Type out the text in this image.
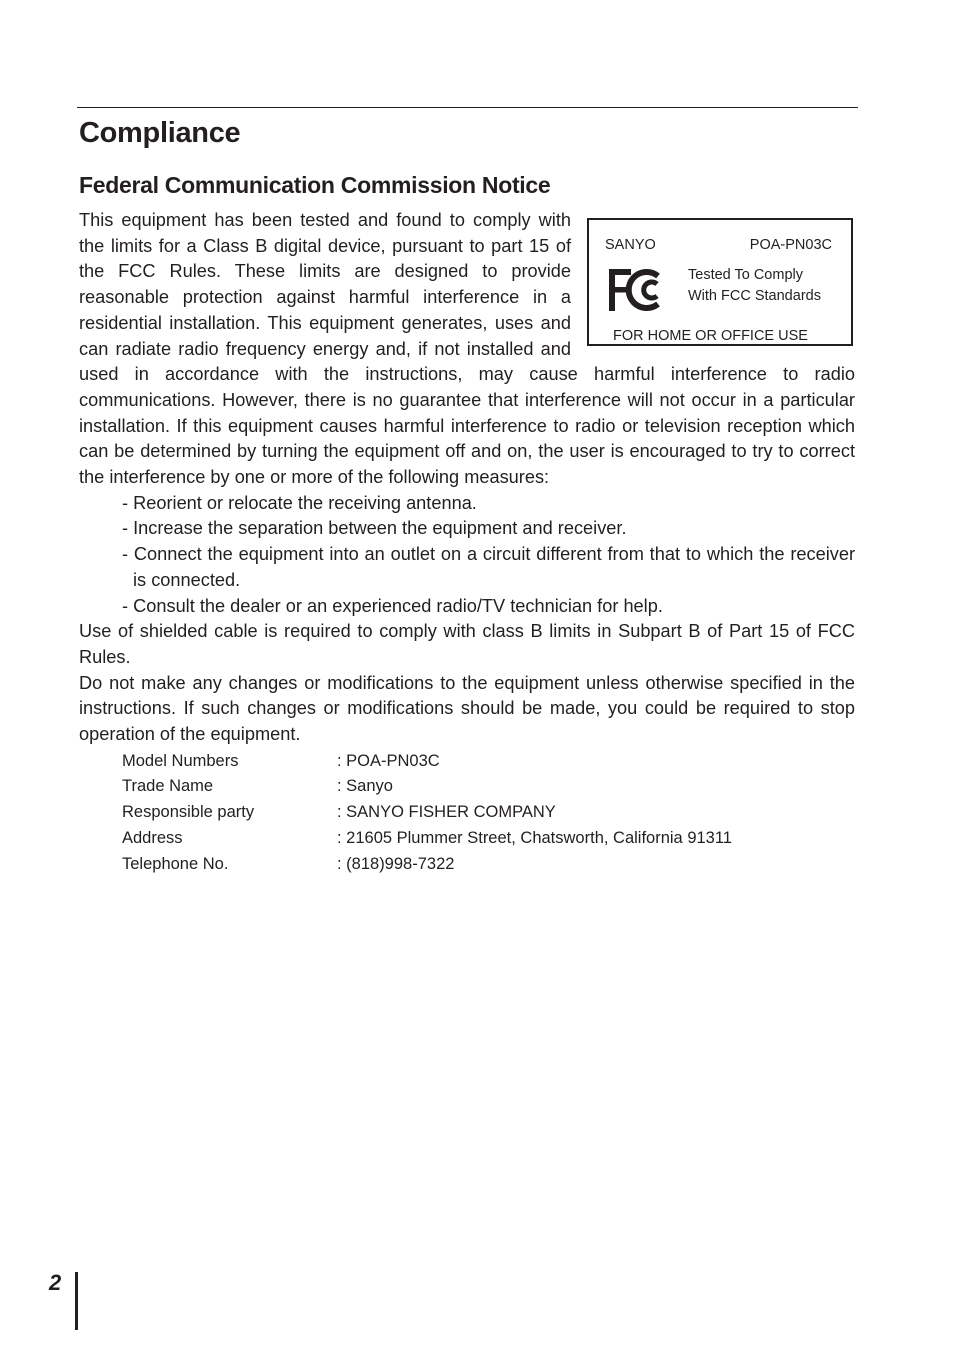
Compliance
Federal Communication Commission Notice
SANYO	POA-PN03C
Tested To Comply
With FCC Standards
FOR HOME OR OFFICE USE

This equipment has been tested and found to comply with the limits for a Class B digital device, pursuant to part 15 of the FCC Rules. These limits are designed to provide reasonable protection against harmful interference in a residential installation. This equipment generates, uses and can radiate radio frequency energy and, if not installed and used in accordance with the instructions, may cause harmful interference to radio communications. However, there is no guarantee that interference will not occur in a particular installation. If this equipment causes harmful interference to radio or television reception which can be determined by turning the equipment off and on, the user is encouraged to try to correct the interference by one or more of the following measures:

- Reorient or relocate the receiving antenna.
- Increase the separation between the equipment and receiver.
- Connect the equipment into an outlet on a circuit different from that to which the receiver is connected.
- Consult the dealer or an experienced radio/TV technician for help.

Use of shielded cable is required to comply with class B limits in Subpart B of Part 15 of FCC Rules.

Do not make any changes or modifications to the equipment unless otherwise specified in the instructions. If such changes or modifications should be made, you could be required to stop operation of the equipment.

Model Numbers	: POA-PN03C
Trade Name	: Sanyo
Responsible party	: SANYO FISHER COMPANY
Address	: 21605 Plummer Street, Chatsworth, California 91311
Telephone No.	: (818)998-7322
2
